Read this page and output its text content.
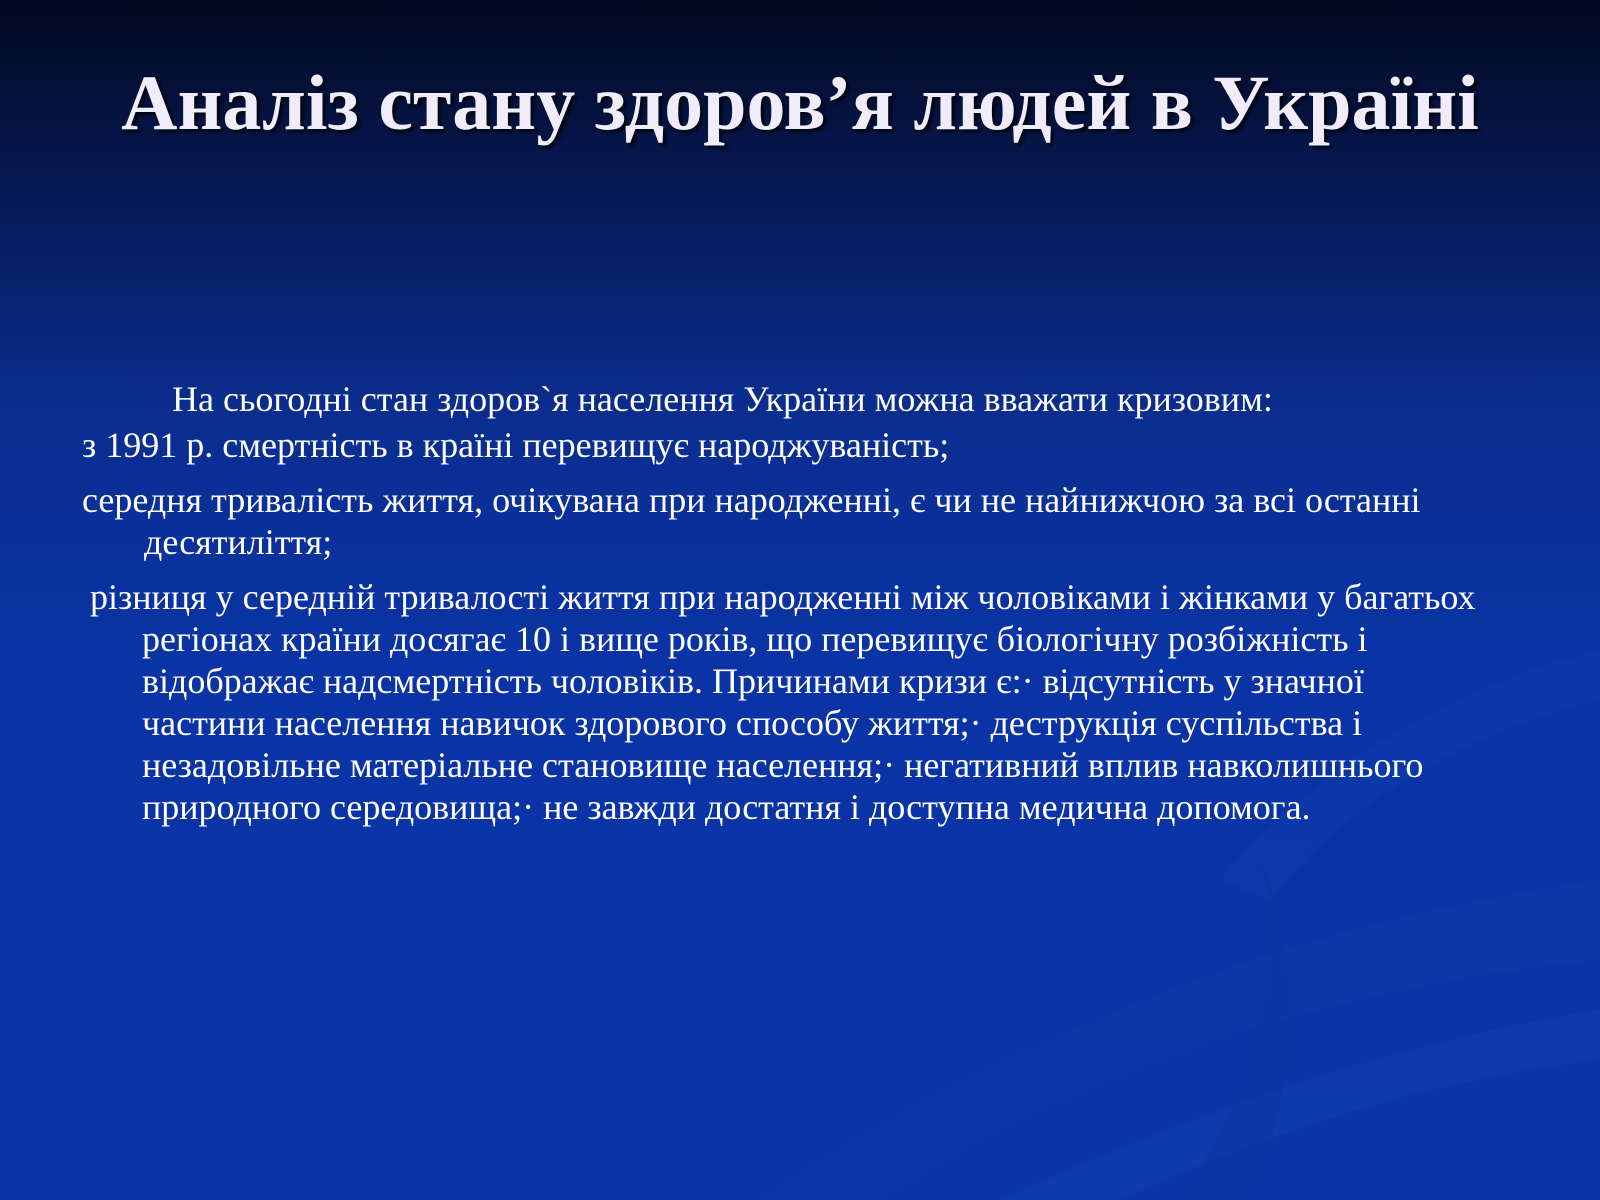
Аналіз стану здоров’я людей в Україні

На сьогодні стан здоров`я населення України можна вважати кризовим:

з 1991 р. смертність в країні перевищує народжуваність;

середня тривалість життя, очікувана при народженні, є чи не найнижчою за всі останні десятиліття;

різниця у середній тривалості життя при народженні між чоловіками і жінками у багатьох регіонах країни досягає 10 і вище років, що перевищує біологічну розбіжність і відображає надсмертність чоловіків. Причинами кризи є:· відсутність у значної частини населення навичок здорового способу життя;· деструкція суспільства і незадовільне матеріальне становище населення;· негативний вплив навколишнього природного середовища;· не завжди достатня і доступна медична допомога.
